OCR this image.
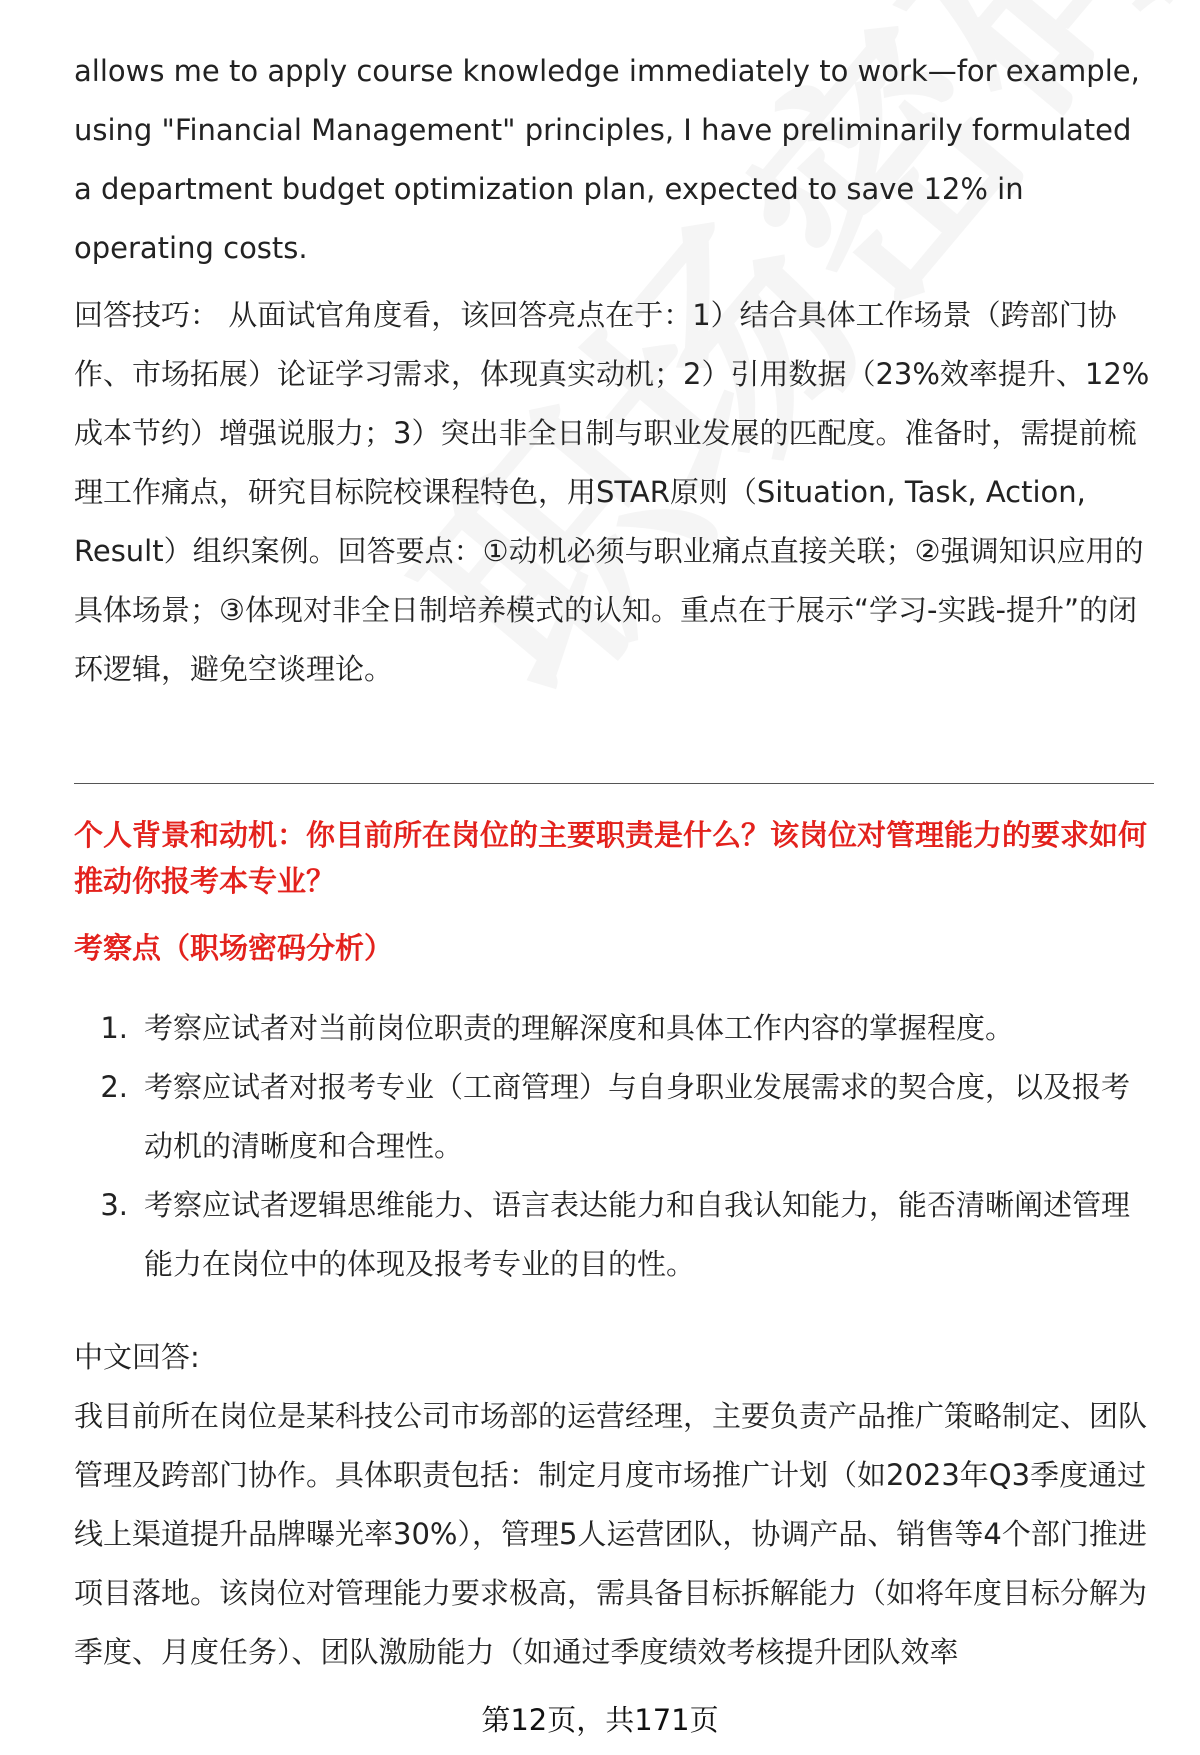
allows me to apply course knowledge immediately to work—for example, using "Financial Management" principles, I have preliminarily formulated a department budget optimization plan, expected to save 12% in operating costs.

回答技巧： 从面试官角度看，该回答亮点在于：1）结合具体工作场景（跨部门协作、市场拓展）论证学习需求，体现真实动机；2）引用数据（23%效率提升、12%成本节约）增强说服力；3）突出非全日制与职业发展的匹配度。准备时，需提前梳理工作痛点，研究目标院校课程特色，用STAR原则（Situation, Task, Action, Result）组织案例。回答要点：①动机必须与职业痛点直接关联；②强调知识应用的具体场景；③体现对非全日制培养模式的认知。重点在于展示“学习-实践-提升”的闭环逻辑，避免空谈理论。

个人背景和动机：你目前所在岗位的主要职责是什么？该岗位对管理能力的要求如何推动你报考本专业？

考察点（职场密码分析）

1. 考察应试者对当前岗位职责的理解深度和具体工作内容的掌握程度。
2. 考察应试者对报考专业（工商管理）与自身职业发展需求的契合度，以及报考动机的清晰度和合理性。
3. 考察应试者逻辑思维能力、语言表达能力和自我认知能力，能否清晰阐述管理能力在岗位中的体现及报考专业的目的性。

中文回答:

我目前所在岗位是某科技公司市场部的运营经理，主要负责产品推广策略制定、团队管理及跨部门协作。具体职责包括：制定月度市场推广计划（如2023年Q3季度通过线上渠道提升品牌曝光率30%），管理5人运营团队，协调产品、销售等4个部门推进项目落地。该岗位对管理能力要求极高，需具备目标拆解能力（如将年度目标分解为季度、月度任务）、团队激励能力（如通过季度绩效考核提升团队效率

第12页，共171页
